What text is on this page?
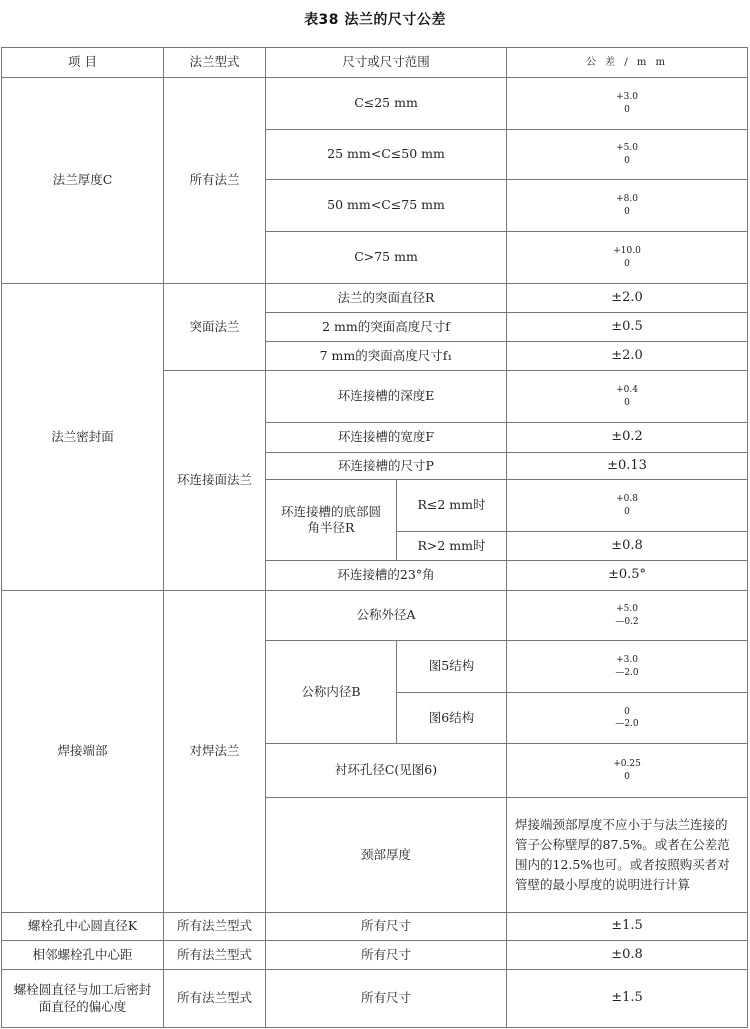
表38 法兰的尺寸公差
项 目	法兰型式	尺寸或尺寸范围		公 差 / m m
法兰厚度C	所有法兰	C≤25 mm		+3.0
0

		25 mm<C≤50 mm		+5.0
0

		50 mm<C≤75 mm		+8.0
0

		C>75 mm		+10.0
0

法兰密封面	突面法兰	法兰的突面直径R		±2.0
		2 mm的突面高度尺寸f		±0.5
		7 mm的突面高度尺寸f₁		±2.0
	环连接面法兰	环连接槽的深度E		+0.4
0

		环连接槽的宽度F		±0.2
		环连接槽的尺寸P		±0.13
		环连接槽的底部圆角半径R	R≤2 mm时	+0.8
0

			R>2 mm时	±0.8
		环连接槽的23°角		±0.5°
焊接端部	对焊法兰	公称外径A		+5.0
—0.2

		公称内径B	图5结构	+3.0
—2.0

			图6结构	0
—2.0

		衬环孔径C(见图6)		+0.25
0

		颈部厚度		焊接端颈部厚度不应小于与法兰连接的管子公称壁厚的87.5%。或者在公差范围内的12.5%也可。或者按照购买者对管壁的最小厚度的说明进行计算
螺栓孔中心圆直径K	所有法兰型式	所有尺寸		±1.5
相邻螺栓孔中心距	所有法兰型式	所有尺寸		±0.8
螺栓圆直径与加工后密封面直径的偏心度	所有法兰型式	所有尺寸		±1.5
